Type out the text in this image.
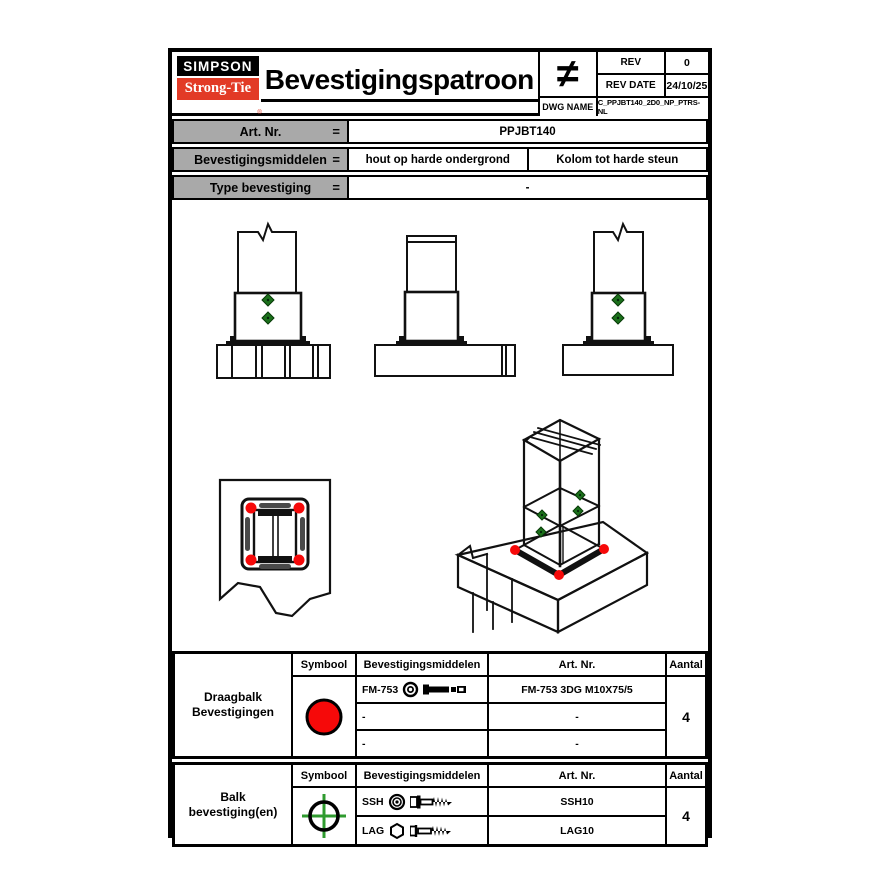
SIMPSON
Strong-Tie
®
Bevestigingspatroon ≠	REV	0
REV DATE	24/10/25
DWG NAME C_PPJBT140_2D0_NP_PTRS-NL
Art. Nr.	=	PPJBT140
Bevestigingsmiddelen =	hout op harde ondergrond	Kolom tot harde steun
Type bevestiging =	-
Draagbalk
Bevestigingen
Symbool	Bevestigingsmiddelen	Art. Nr.	Aantal
FM-753	FM-753 3DG M10X75/5
-	-
-	-
4
Balk
bevestiging(en)
Symbool	Bevestigingsmiddelen	Art. Nr.	Aantal
SSH	SSH10
LAG	LAG10
4
